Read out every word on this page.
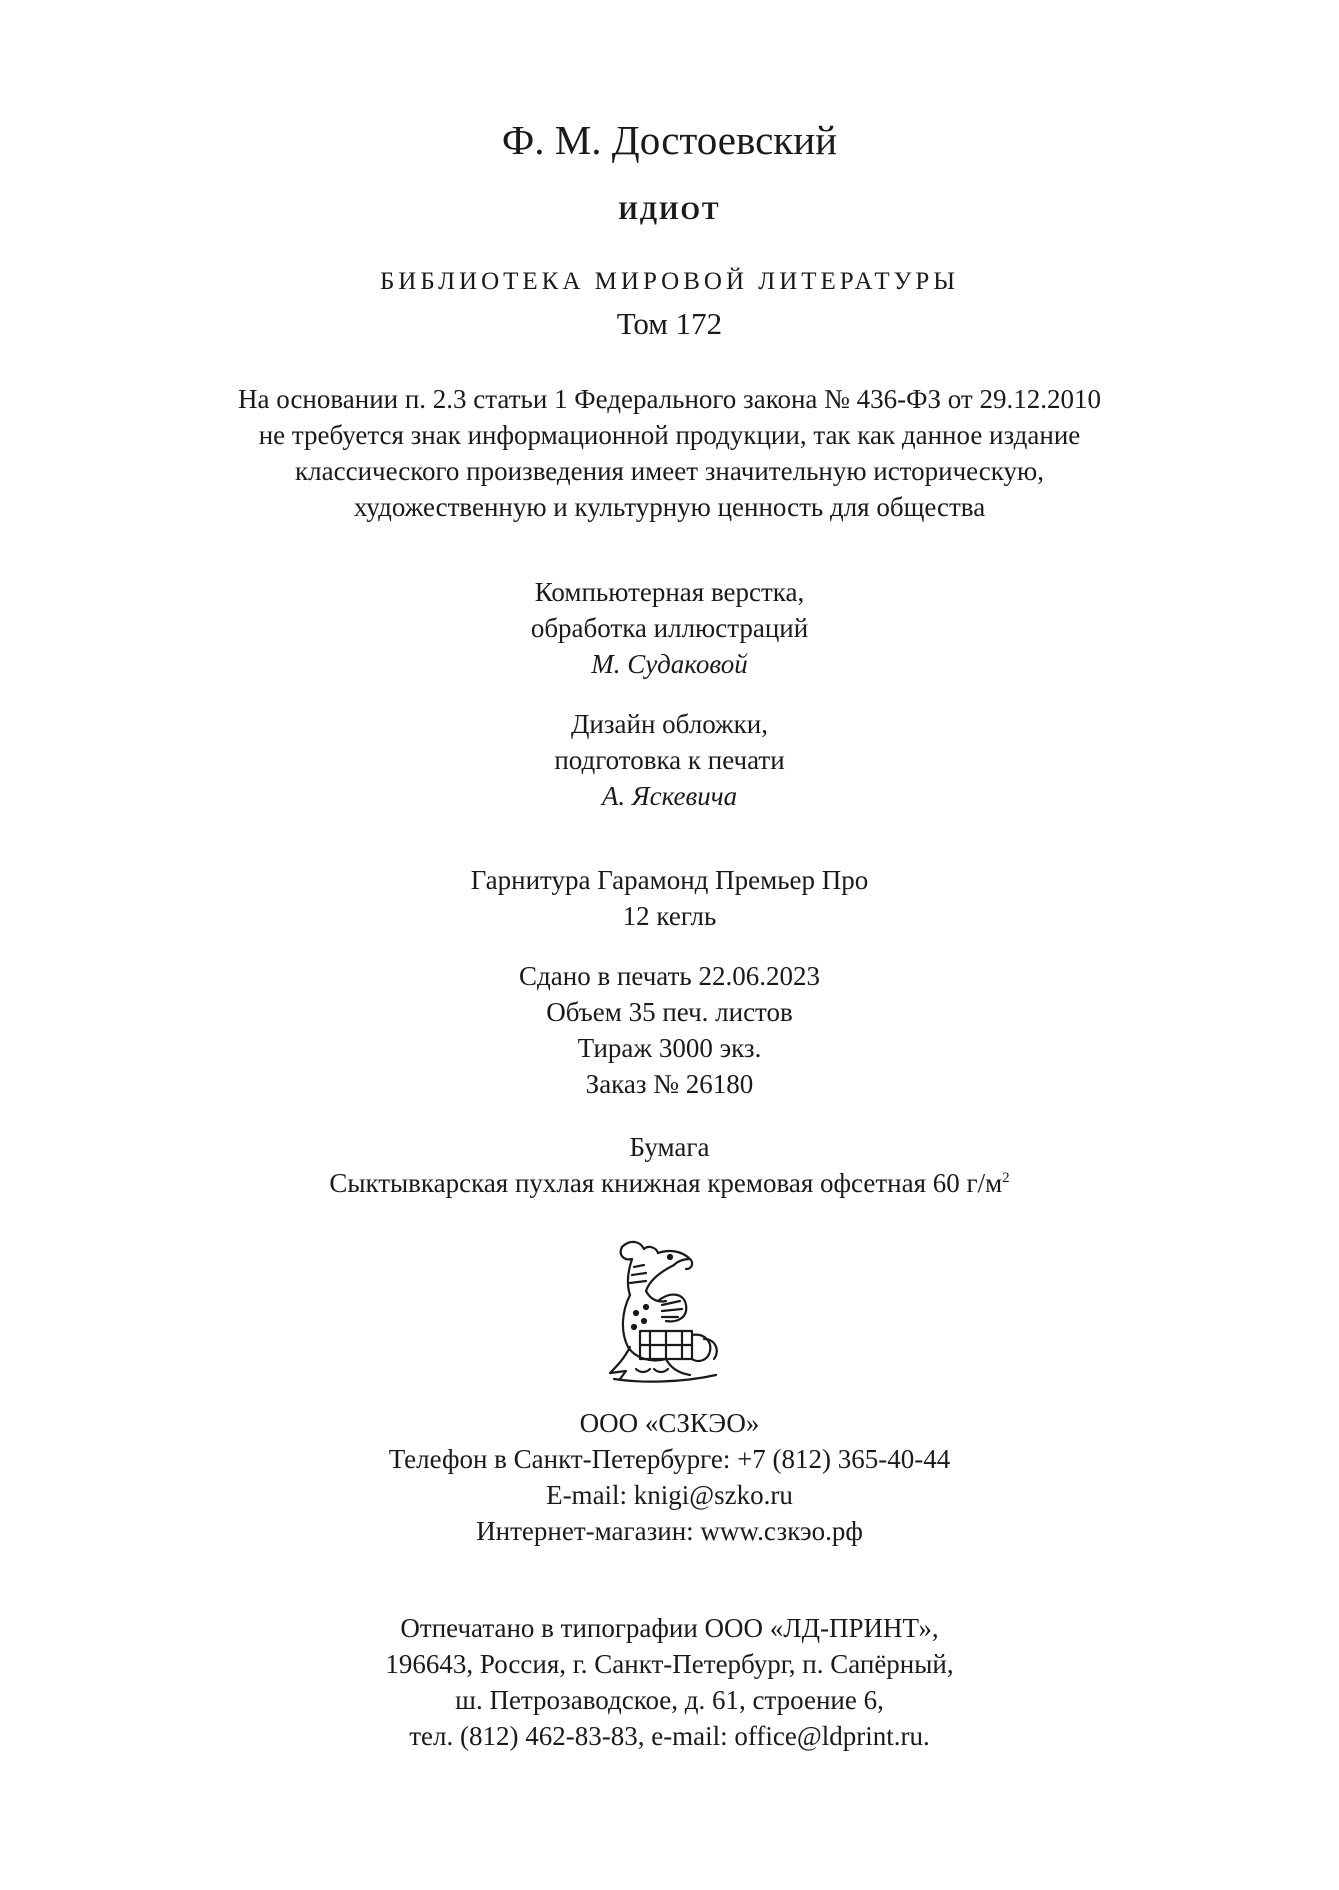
Ф. М. Достоевский
идиот
БИБЛИОТЕКА МИРОВОЙ ЛИТЕРАТУРЫ
Том 172
На основании п. 2.3 статьи 1 Федерального закона № 436-ФЗ от 29.12.2010
не требуется знак информационной продукции, так как данное издание
классического произведения имеет значительную историческую,
художественную и культурную ценность для общества
Компьютерная верстка,
обработка иллюстраций
М. Судаковой
Дизайн обложки,
подготовка к печати
А. Яскевича
Гарнитура Гарамонд Премьер Про
12 кегль
Сдано в печать 22.06.2023
Объем 35 печ. листов
Тираж 3000 экз.
Заказ № 26180
Бумага
Сыктывкарская пухлая книжная кремовая офсетная 60 $г/м^2$
ООО «СЗКЭО»
Телефон в Санкт-Петербурге: +7 (812) 365-40-44
E-mail: knigi@szko.ru
Интернет-магазин: www.сзкэо.рф
Отпечатано в типографии ООО «ЛД-ПРИНТ»,
196643, Россия, г. Санкт-Петербург, п. Сапёрный,
ш. Петрозаводское, д. 61, строение 6,
тел. (812) 462-83-83, e-mail: office@ldprint.ru.
